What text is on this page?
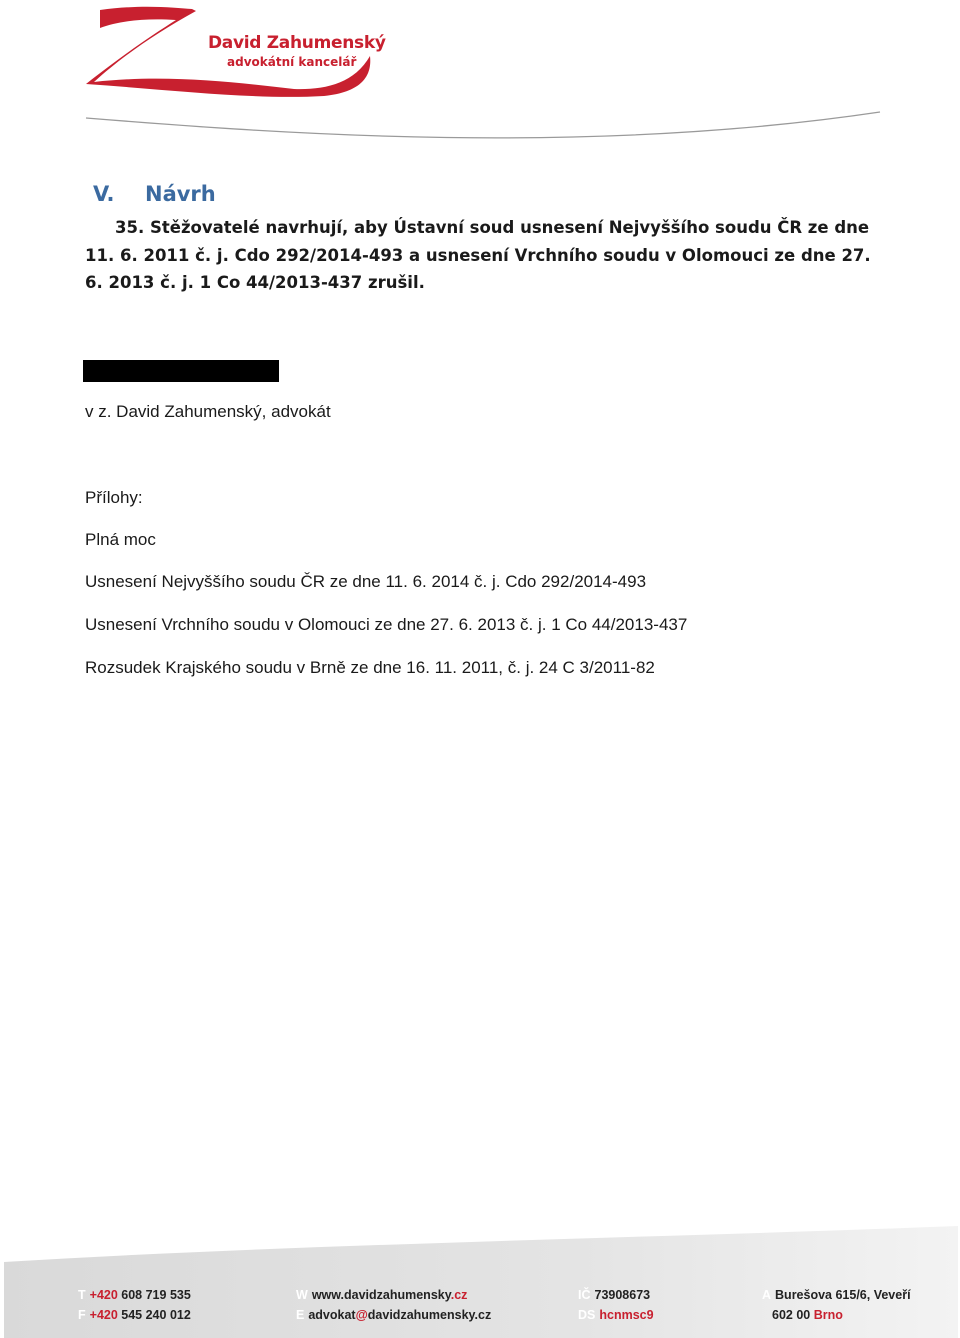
David Zahumenský
advokátní kancelář
V. Návrh
35. Stěžovatelé navrhují, aby Ústavní soud usnesení Nejvyššího soudu ČR ze dne 11. 6. 2011 č. j. Cdo 292/2014-493 a usnesení Vrchního soudu v Olomouci ze dne 27. 6. 2013 č. j. 1 Co 44/2013-437 zrušil.
v z. David Zahumenský, advokát
Přílohy:
Plná moc
Usnesení Nejvyššího soudu ČR ze dne 11. 6. 2014 č. j. Cdo 292/2014-493
Usnesení Vrchního soudu v Olomouci ze dne 27. 6. 2013 č. j. 1 Co 44/2013-437
Rozsudek Krajského soudu v Brně ze dne 16. 11. 2011, č. j. 24 C 3/2011-82
T +420 608 719 535
F +420 545 240 012
W www.davidzahumensky.cz
E advokat@davidzahumensky.cz
IČ 73908673
DS hcnmsc9
A Burešova 615/6, Veveří
602 00 Brno
